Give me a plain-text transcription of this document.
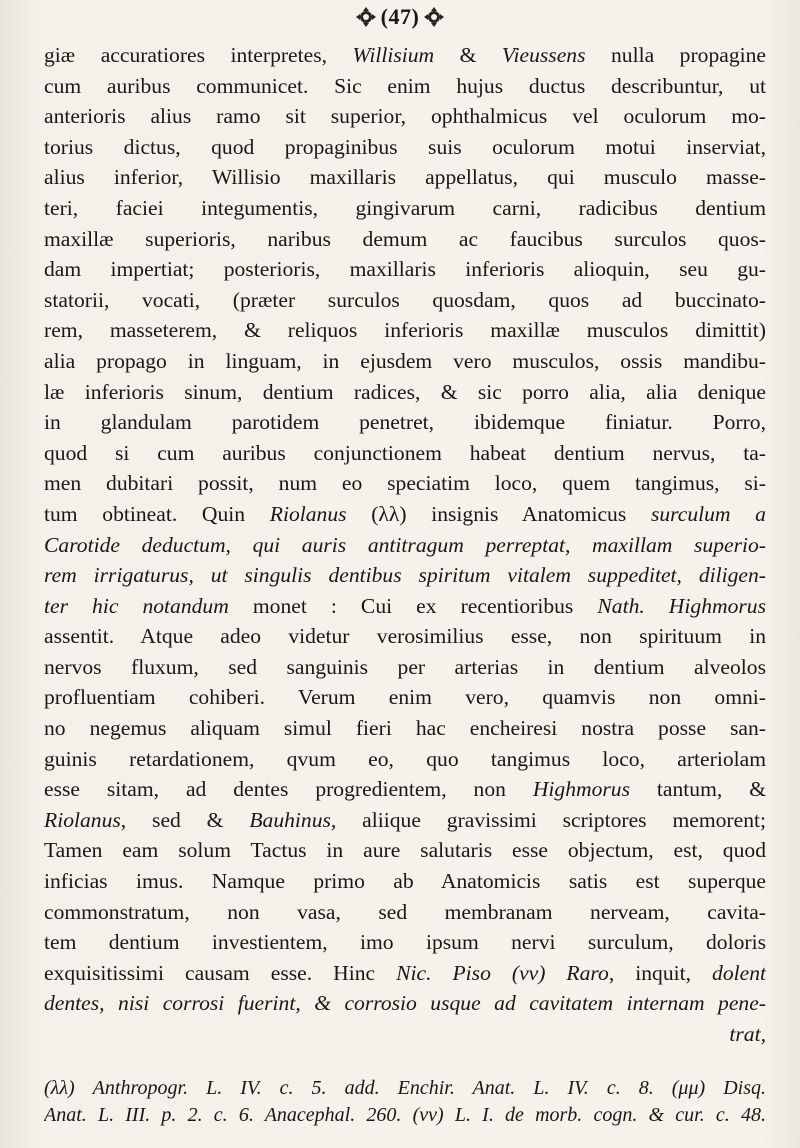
(47)
giæ accuratiores interpretes, Willisium & Vieussens nulla propagine
cum auribus communicet. Sic enim hujus ductus describuntur, ut
anterioris alius ramo sit superior, ophthalmicus vel oculorum mo-
torius dictus, quod propaginibus suis oculorum motui inserviat,
alius inferior, Willisio maxillaris appellatus, qui musculo masse-
teri, faciei integumentis, gingivarum carni, radicibus dentium
maxillæ superioris, naribus demum ac faucibus surculos quos-
dam impertiat; posterioris, maxillaris inferioris alioquin, seu gu-
statorii, vocati, (præter surculos quosdam, quos ad buccinato-
rem, masseterem, & reliquos inferioris maxillæ musculos dimittit)
alia propago in linguam, in ejusdem vero musculos, ossis mandibu-
læ inferioris sinum, dentium radices, & sic porro alia, alia denique
in glandulam parotidem penetret, ibidemque finiatur. Porro,
quod si cum auribus conjunctionem habeat dentium nervus, ta-
men dubitari possit, num eo speciatim loco, quem tangimus, si-
tum obtineat. Quin Riolanus (λλ) insignis Anatomicus surculum a
Carotide deductum, qui auris antitragum perreptat, maxillam superio-
rem irrigaturus, ut singulis dentibus spiritum vitalem suppeditet, diligen-
ter hic notandum monet : Cui ex recentioribus Nath. Highmorus
assentit. Atque adeo videtur verosimilius esse, non spirituum in
nervos fluxum, sed sanguinis per arterias in dentium alveolos
profluentiam cohiberi. Verum enim vero, quamvis non omni-
no negemus aliquam simul fieri hac encheiresi nostra posse san-
guinis retardationem, qvum eo, quo tangimus loco, arteriolam
esse sitam, ad dentes progredientem, non Highmorus tantum, &
Riolanus, sed & Bauhinus, aliique gravissimi scriptores memorent;
Tamen eam solum Tactus in aure salutaris esse objectum, est, quod
inficias imus. Namque primo ab Anatomicis satis est superque
commonstratum, non vasa, sed membranam nerveam, cavita-
tem dentium investientem, imo ipsum nervi surculum, doloris
exquisitissimi causam esse. Hinc Nic. Piso (νν) Raro, inquit, dolent
dentes, nisi corrosi fuerint, & corrosio usque ad cavitatem internam pene-
trat,
(λλ) Anthropogr. L. IV. c. 5. add. Enchir. Anat. L. IV. c. 8. (μμ) Disq.
Anat. L. III. p. 2. c. 6. Anacephal. 260. (νν) L. I. de morb. cogn. & cur. c. 48.
